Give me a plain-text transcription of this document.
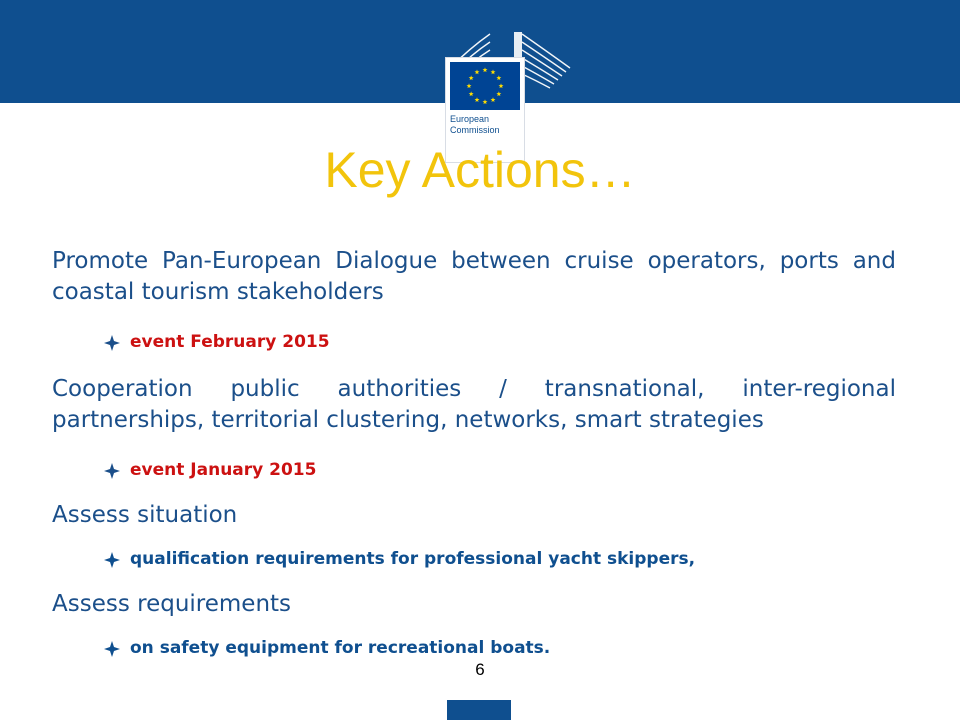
European
Commission
Key Actions…

Promote Pan-European Dialogue between cruise operators, ports and coastal tourism stakeholders

event February 2015

Cooperation public authorities / transnational, inter-regional partnerships, territorial clustering, networks, smart strategies

event January 2015

Assess situation

qualification requirements for professional yacht skippers,

Assess requirements

on safety equipment for recreational boats.
6
